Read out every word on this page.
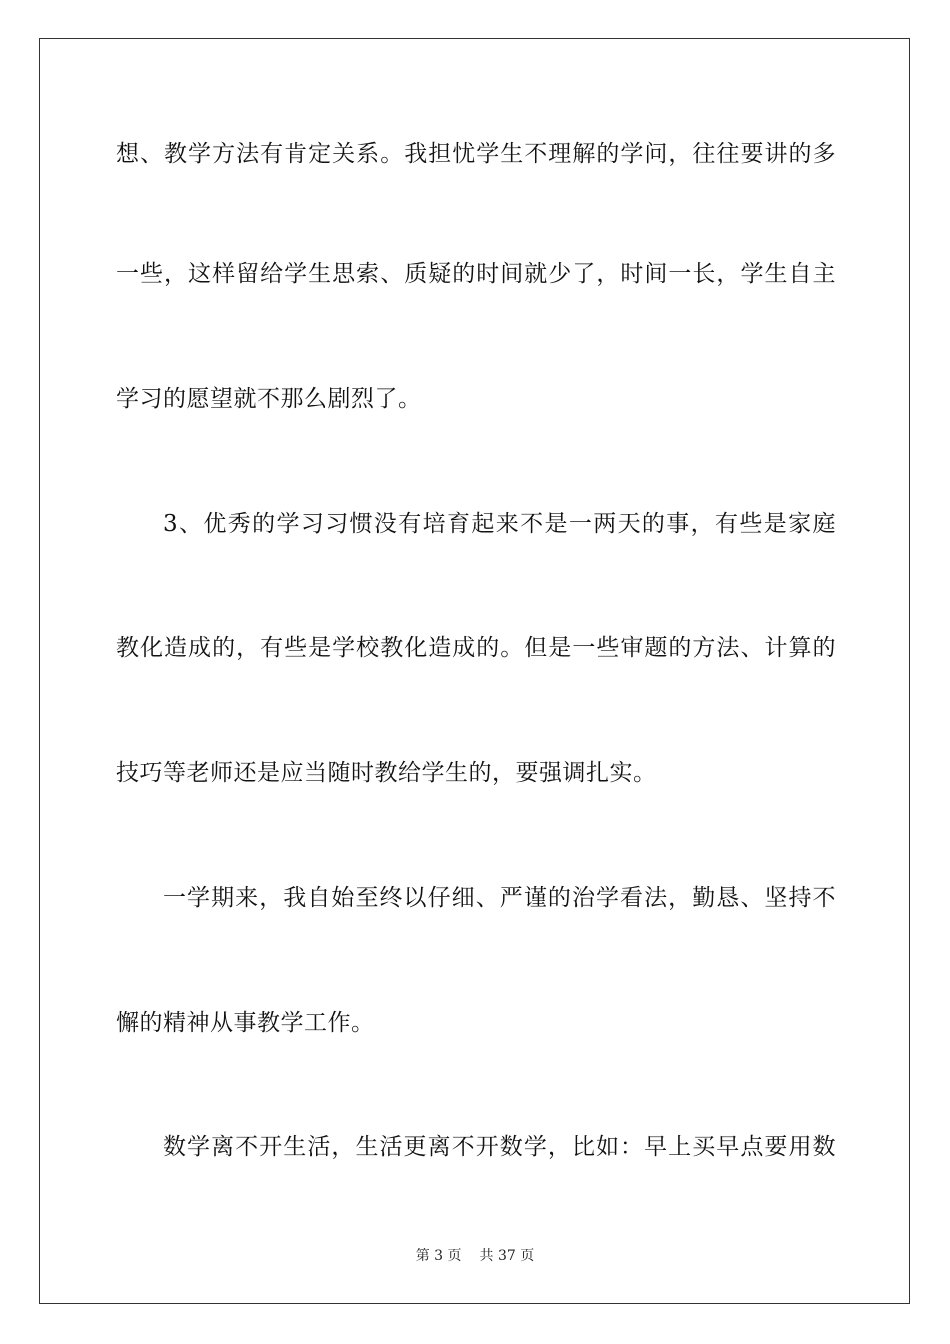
想、教学方法有肯定关系。我担忧学生不理解的学问，往往要讲的多
一些，这样留给学生思索、质疑的时间就少了，时间一长，学生自主
学习的愿望就不那么剧烈了。
3、优秀的学习习惯没有培育起来不是一两天的事，有些是家庭
教化造成的，有些是学校教化造成的。但是一些审题的方法、计算的
技巧等老师还是应当随时教给学生的，要强调扎实。
一学期来，我自始至终以仔细、严谨的治学看法，勤恳、坚持不
懈的精神从事教学工作。
数学离不开生活，生活更离不开数学，比如：早上买早点要用数
第 3 页 共 37 页
